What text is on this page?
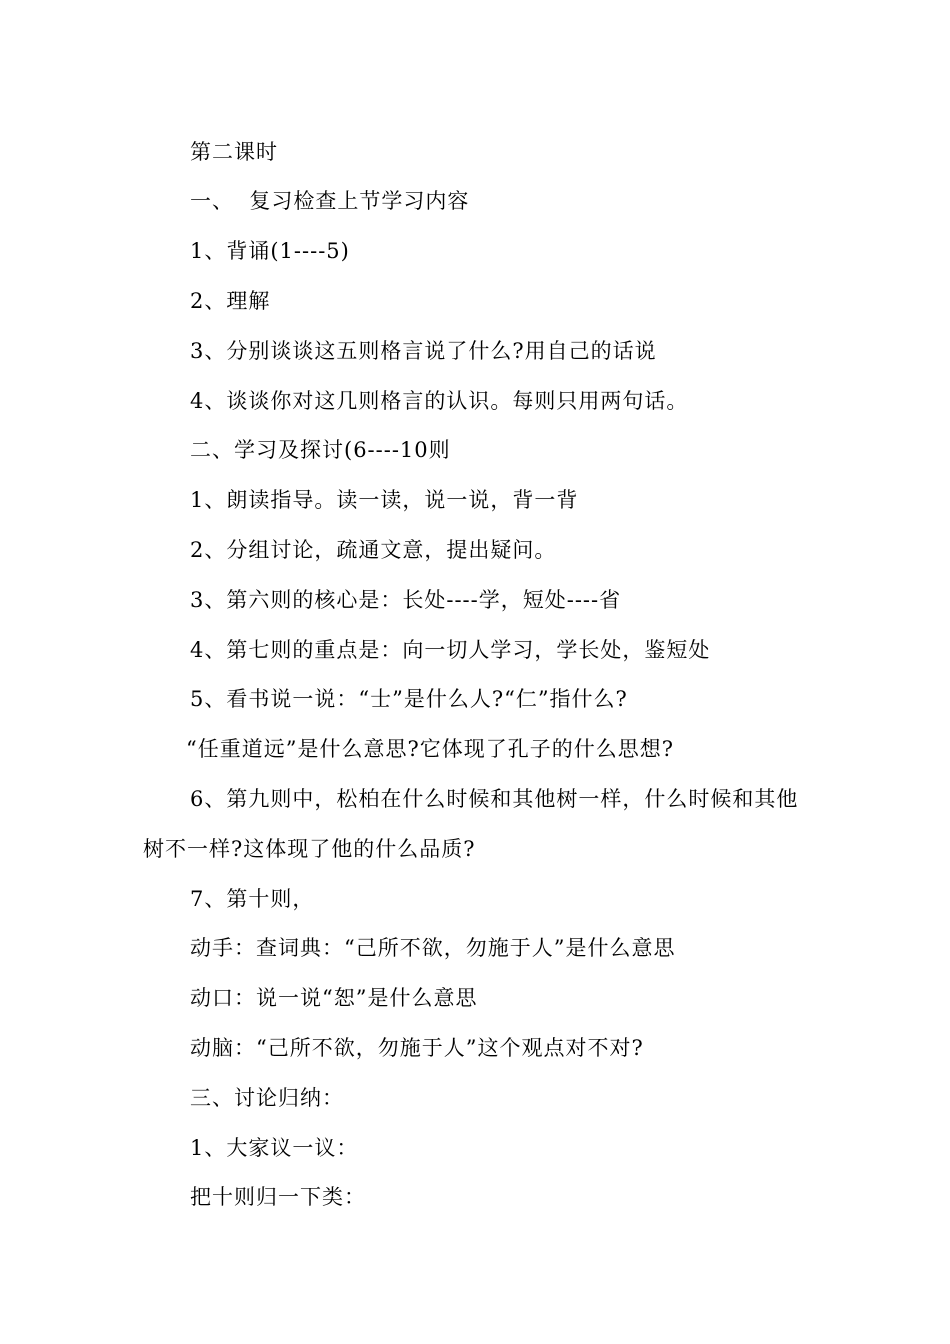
第二课时
一、  复习检查上节学习内容
1、背诵(1----5)
2、理解
3、分别谈谈这五则格言说了什么?用自己的话说
4、谈谈你对这几则格言的认识。每则只用两句话。
二、学习及探讨(6----10则
1、朗读指导。读一读，说一说，背一背
2、分组讨论，疏通文意，提出疑问。
3、第六则的核心是：长处----学，短处----省
4、第七则的重点是：向一切人学习，学长处，鉴短处
5、看书说一说：“士”是什么人?“仁”指什么?
“任重道远”是什么意思?它体现了孔子的什么思想?
6、第九则中，松柏在什么时候和其他树一样，什么时候和其他
树不一样?这体现了他的什么品质?
7、第十则，
动手：查词典：“己所不欲，勿施于人”是什么意思
动口：说一说“恕”是什么意思
动脑：“己所不欲，勿施于人”这个观点对不对?
三、讨论归纳：
1、大家议一议：
把十则归一下类：
